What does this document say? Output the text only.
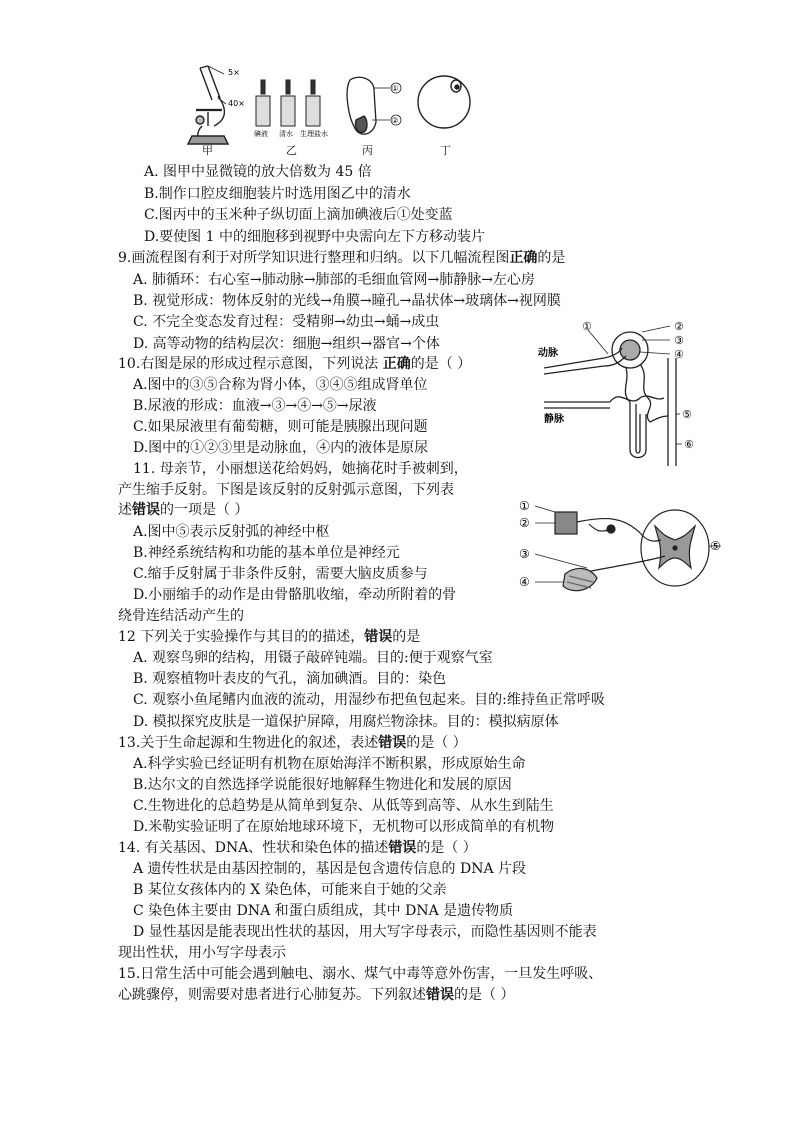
5×
40×
碘液 清水 生理盐水
①
②
甲	乙	丙	丁
动脉
静脉
①	②
③
④
⑤
⑥
①
②
③
④
⑤
A. 图甲中显微镜的放大倍数为 45 倍
B.制作口腔皮细胞装片时选用图乙中的清水
C.图丙中的玉米种子纵切面上滴加碘液后①处变蓝
D.要使图 1 中的细胞移到视野中央需向左下方移动装片
9.画流程图有利于对所学知识进行整理和归纳。以下几幅流程图正确的是
A. 肺循环：右心室→肺动脉→肺部的毛细血管网→肺静脉→左心房
B. 视觉形成：物体反射的光线→角膜→瞳孔→晶状体→玻璃体→视网膜
C. 不完全变态发育过程：受精卵→幼虫→蛹→成虫
D. 高等动物的结构层次：细胞→组织→器官→个体
10.右图是尿的形成过程示意图，下列说法 正确的是（ ）
A.图中的③⑤合称为肾小体，③④⑤组成肾单位
B.尿液的形成：血液→③→④→⑤→尿液
C.如果尿液里有葡萄糖，则可能是胰腺出现问题
D.图中的①②③里是动脉血，④内的液体是原尿
11. 母亲节，小丽想送花给妈妈，她摘花时手被刺到，
产生缩手反射。下图是该反射的反射弧示意图，下列表
述错误的一项是（ ）
A.图中⑤表示反射弧的神经中枢
B.神经系统结构和功能的基本单位是神经元
C.缩手反射属于非条件反射，需要大脑皮质参与
D.小丽缩手的动作是由骨骼肌收缩，牵动所附着的骨
绕骨连结活动产生的
12 下列关于实验操作与其目的的描述，错误的是
A. 观察鸟卵的结构，用镊子敲碎钝端。目的:便于观察气室
B. 观察植物叶表皮的气孔，滴加碘酒。目的：染色
C. 观察小鱼尾鳍内血液的流动，用湿纱布把鱼包起来。目的:维持鱼正常呼吸
D. 模拟探究皮肤是一道保护屏障，用腐烂物涂抹。目的：模拟病原体
13.关于生命起源和生物进化的叙述，表述错误的是（ ）
A.科学实验已经证明有机物在原始海洋不断积累，形成原始生命
B.达尔文的自然选择学说能很好地解释生物进化和发展的原因
C.生物进化的总趋势是从简单到复杂、从低等到高等、从水生到陆生
D.米勒实验证明了在原始地球环境下，无机物可以形成简单的有机物
14. 有关基因、DNA、性状和染色体的描述错误的是（ ）
A 遗传性状是由基因控制的，基因是包含遗传信息的 DNA 片段
B 某位女孩体内的 X 染色体，可能来自于她的父亲
C 染色体主要由 DNA 和蛋白质组成，其中 DNA 是遗传物质
D 显性基因是能表现出性状的基因，用大写字母表示，而隐性基因则不能表
现出性状，用小写字母表示
15.日常生活中可能会遇到触电、溺水、煤气中毒等意外伤害，一旦发生呼吸、
心跳骤停，则需要对患者进行心肺复苏。下列叙述错误的是（ ）
